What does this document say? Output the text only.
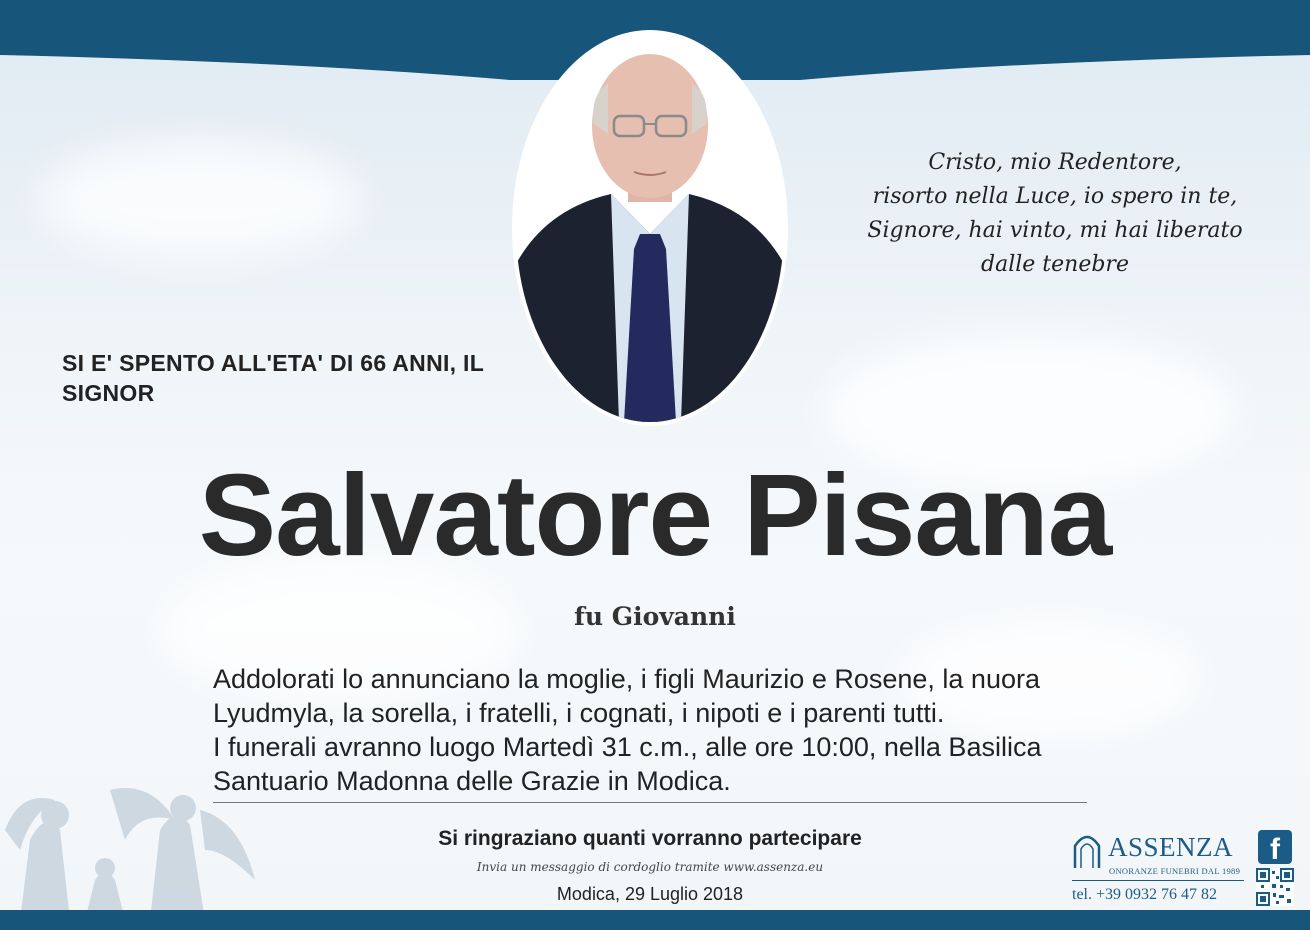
Cristo, mio Redentore,
risorto nella Luce, io spero in te,
Signore, hai vinto, mi hai liberato
dalle tenebre
SI E' SPENTO ALL'ETA' DI 66 ANNI, IL
SIGNOR
Salvatore Pisana
fu Giovanni
Addolorati lo annunciano la moglie, i figli Maurizio e Rosene, la nuora
Lyudmyla, la sorella, i fratelli, i cognati, i nipoti e i parenti tutti.
I funerali avranno luogo Martedì 31 c.m., alle ore 10:00, nella Basilica
Santuario Madonna delle Grazie in Modica.
Si ringraziano quanti vorranno partecipare
Invia un messaggio di cordoglio tramite www.assenza.eu
Modica, 29 Luglio 2018
ASSENZA
ONORANZE FUNEBRI DAL 1989
tel. +39 0932 76 47 82
f
